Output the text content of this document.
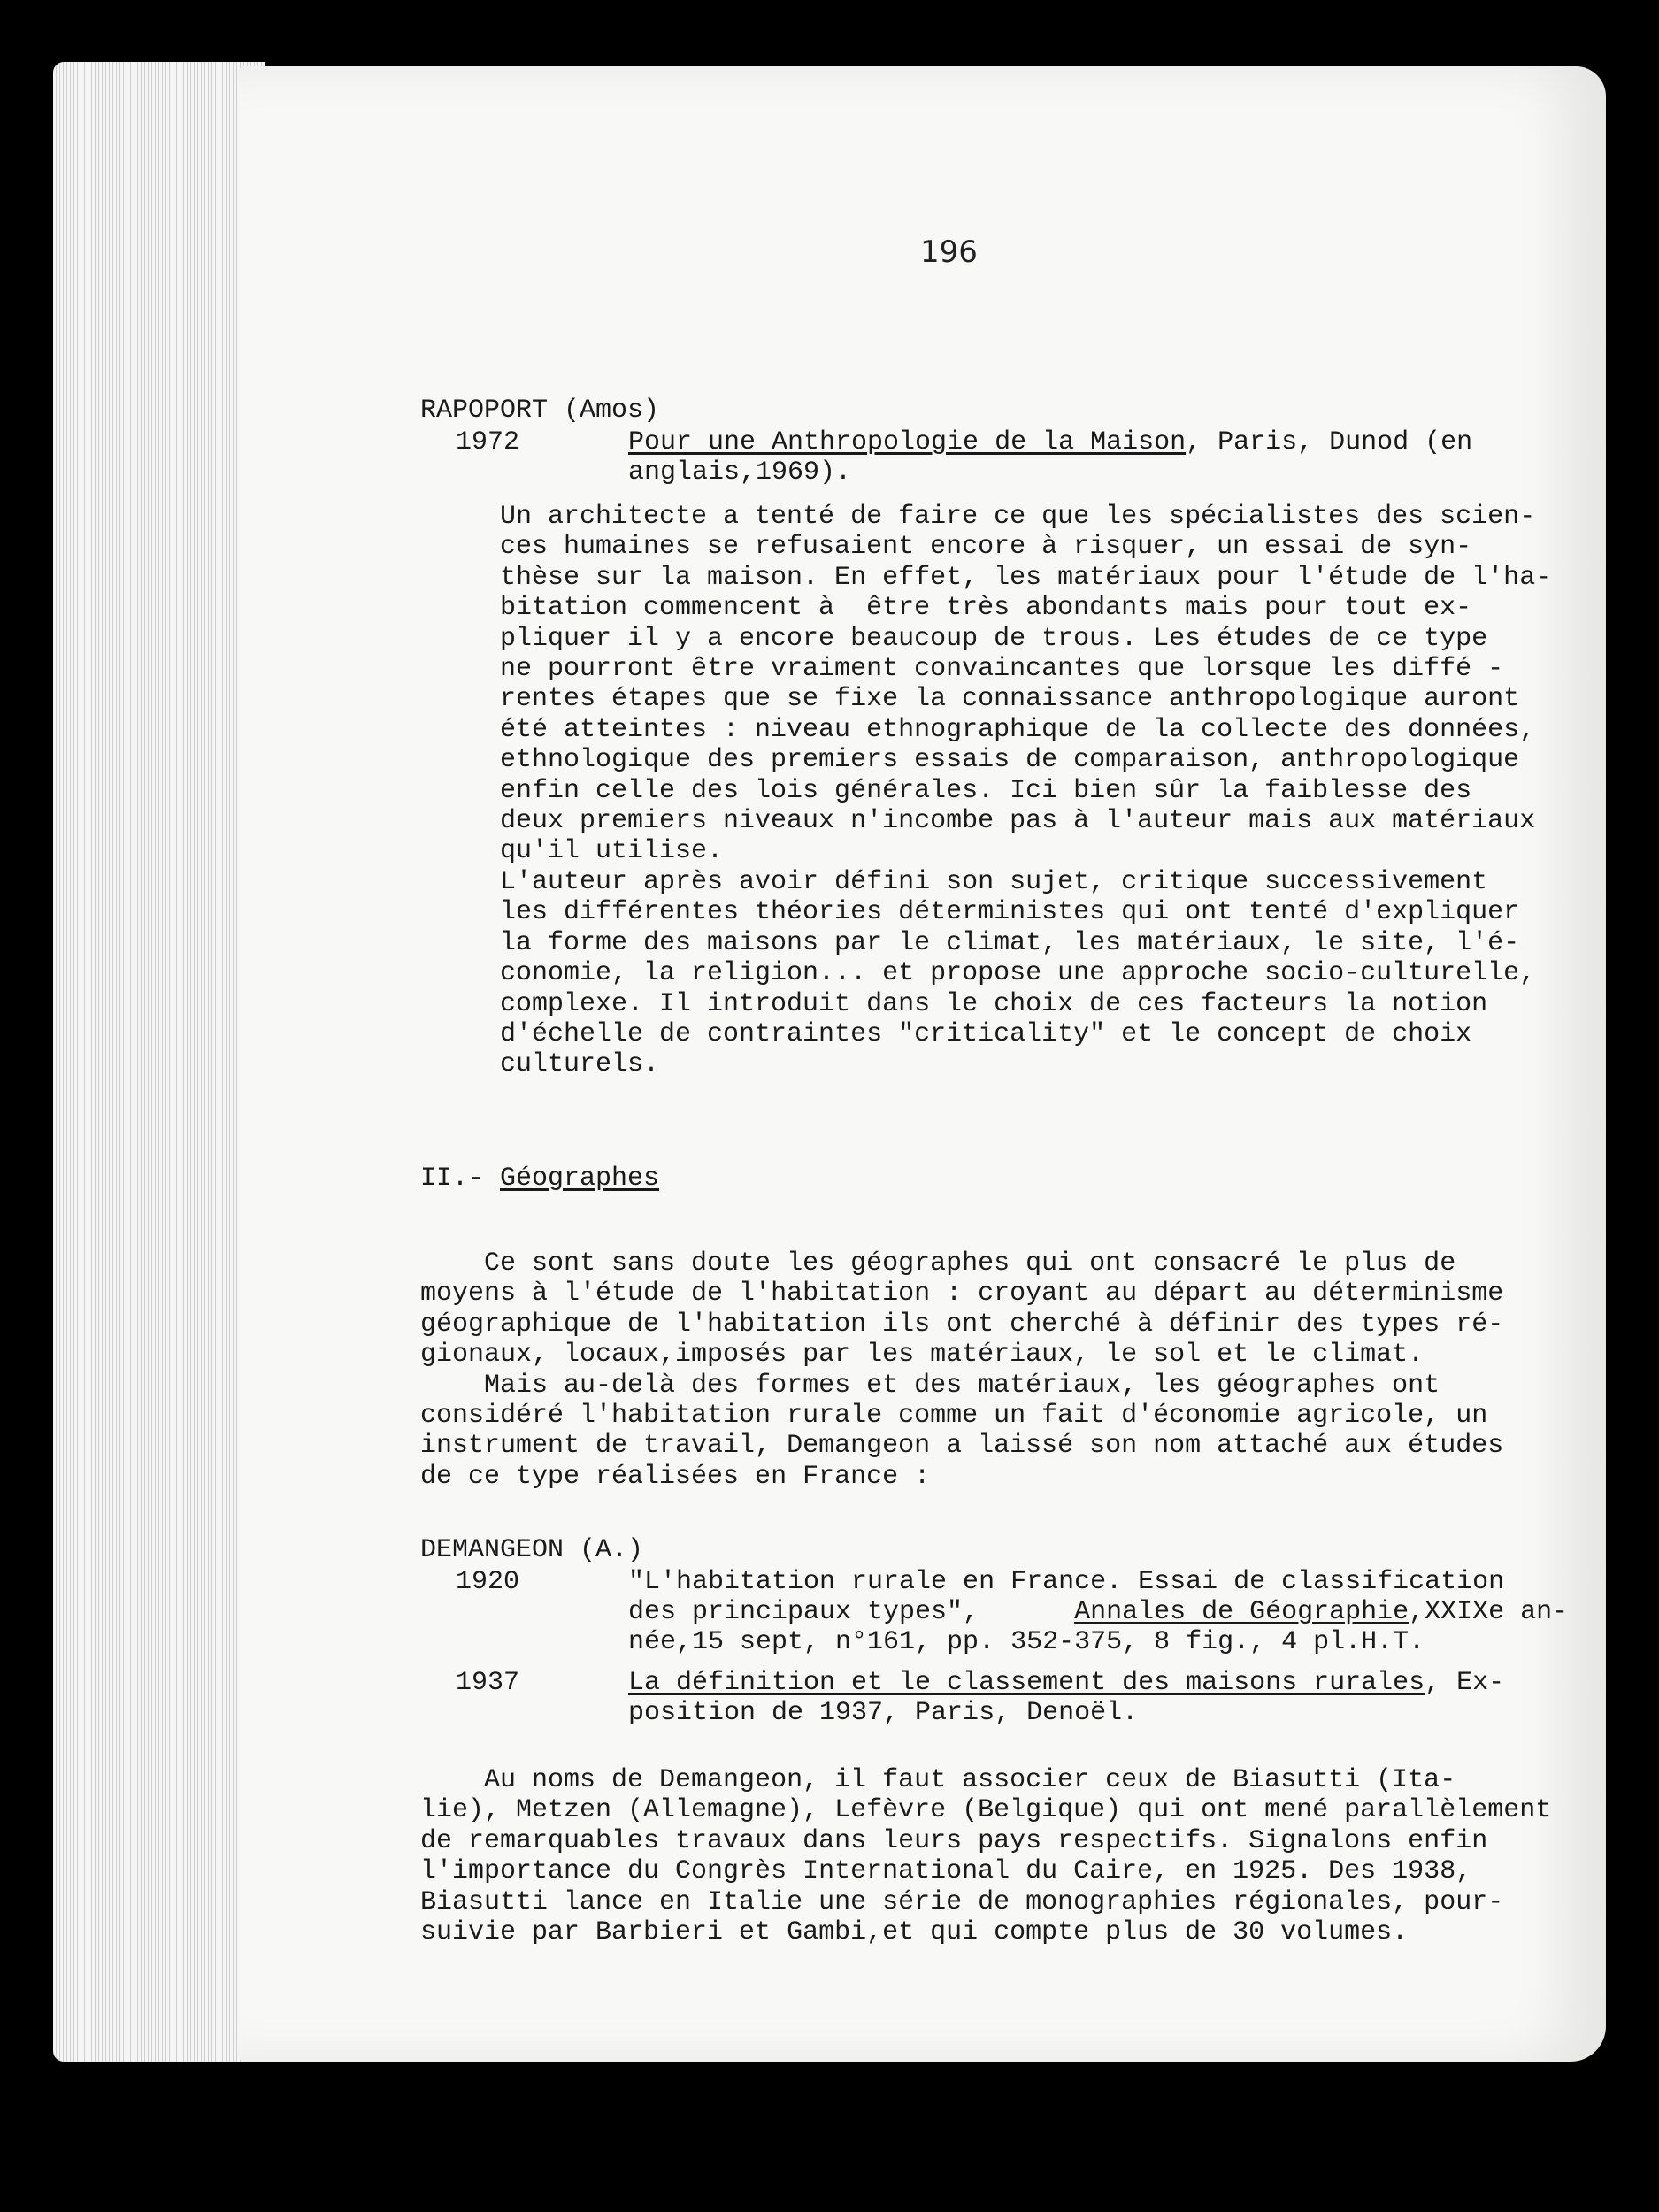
196

RAPOPORT (Amos)

1972	Pour une Anthropologie de la Maison, Paris, Dunod (en

anglais,1969).

Un architecte a tenté de faire ce que les spécialistes des scien-

ces humaines se refusaient encore à risquer, un essai de syn-

thèse sur la maison. En effet, les matériaux pour l'étude de l'ha-

bitation commencent à  être très abondants mais pour tout ex-

pliquer il y a encore beaucoup de trous. Les études de ce type

ne pourront être vraiment convaincantes que lorsque les diffé -

rentes étapes que se fixe la connaissance anthropologique auront

été atteintes : niveau ethnographique de la collecte des données,

ethnologique des premiers essais de comparaison, anthropologique

enfin celle des lois générales. Ici bien sûr la faiblesse des

deux premiers niveaux n'incombe pas à l'auteur mais aux matériaux

qu'il utilise.

L'auteur après avoir défini son sujet, critique successivement

les différentes théories déterministes qui ont tenté d'expliquer

la forme des maisons par le climat, les matériaux, le site, l'é-

conomie, la religion... et propose une approche socio-culturelle,

complexe. Il introduit dans le choix de ces facteurs la notion

d'échelle de contraintes "criticality" et le concept de choix

culturels.

II.- Géographes

Ce sont sans doute les géographes qui ont consacré le plus de

moyens à l'étude de l'habitation : croyant au départ au déterminisme

géographique de l'habitation ils ont cherché à définir des types ré-

gionaux, locaux,imposés par les matériaux, le sol et le climat.

Mais au-delà des formes et des matériaux, les géographes ont

considéré l'habitation rurale comme un fait d'économie agricole, un

instrument de travail, Demangeon a laissé son nom attaché aux études

de ce type réalisées en France :

DEMANGEON (A.)

1920	"L'habitation rurale en France. Essai de classification

des principaux types",      Annales de Géographie,XXIXe an-

née,15 sept, n°161, pp. 352-375, 8 fig., 4 pl.H.T.

1937	La définition et le classement des maisons rurales, Ex-

position de 1937, Paris, Denoël.

Au noms de Demangeon, il faut associer ceux de Biasutti (Ita-

lie), Metzen (Allemagne), Lefèvre (Belgique) qui ont mené parallèlement

de remarquables travaux dans leurs pays respectifs. Signalons enfin

l'importance du Congrès International du Caire, en 1925. Des 1938,

Biasutti lance en Italie une série de monographies régionales, pour-

suivie par Barbieri et Gambi,et qui compte plus de 30 volumes.
